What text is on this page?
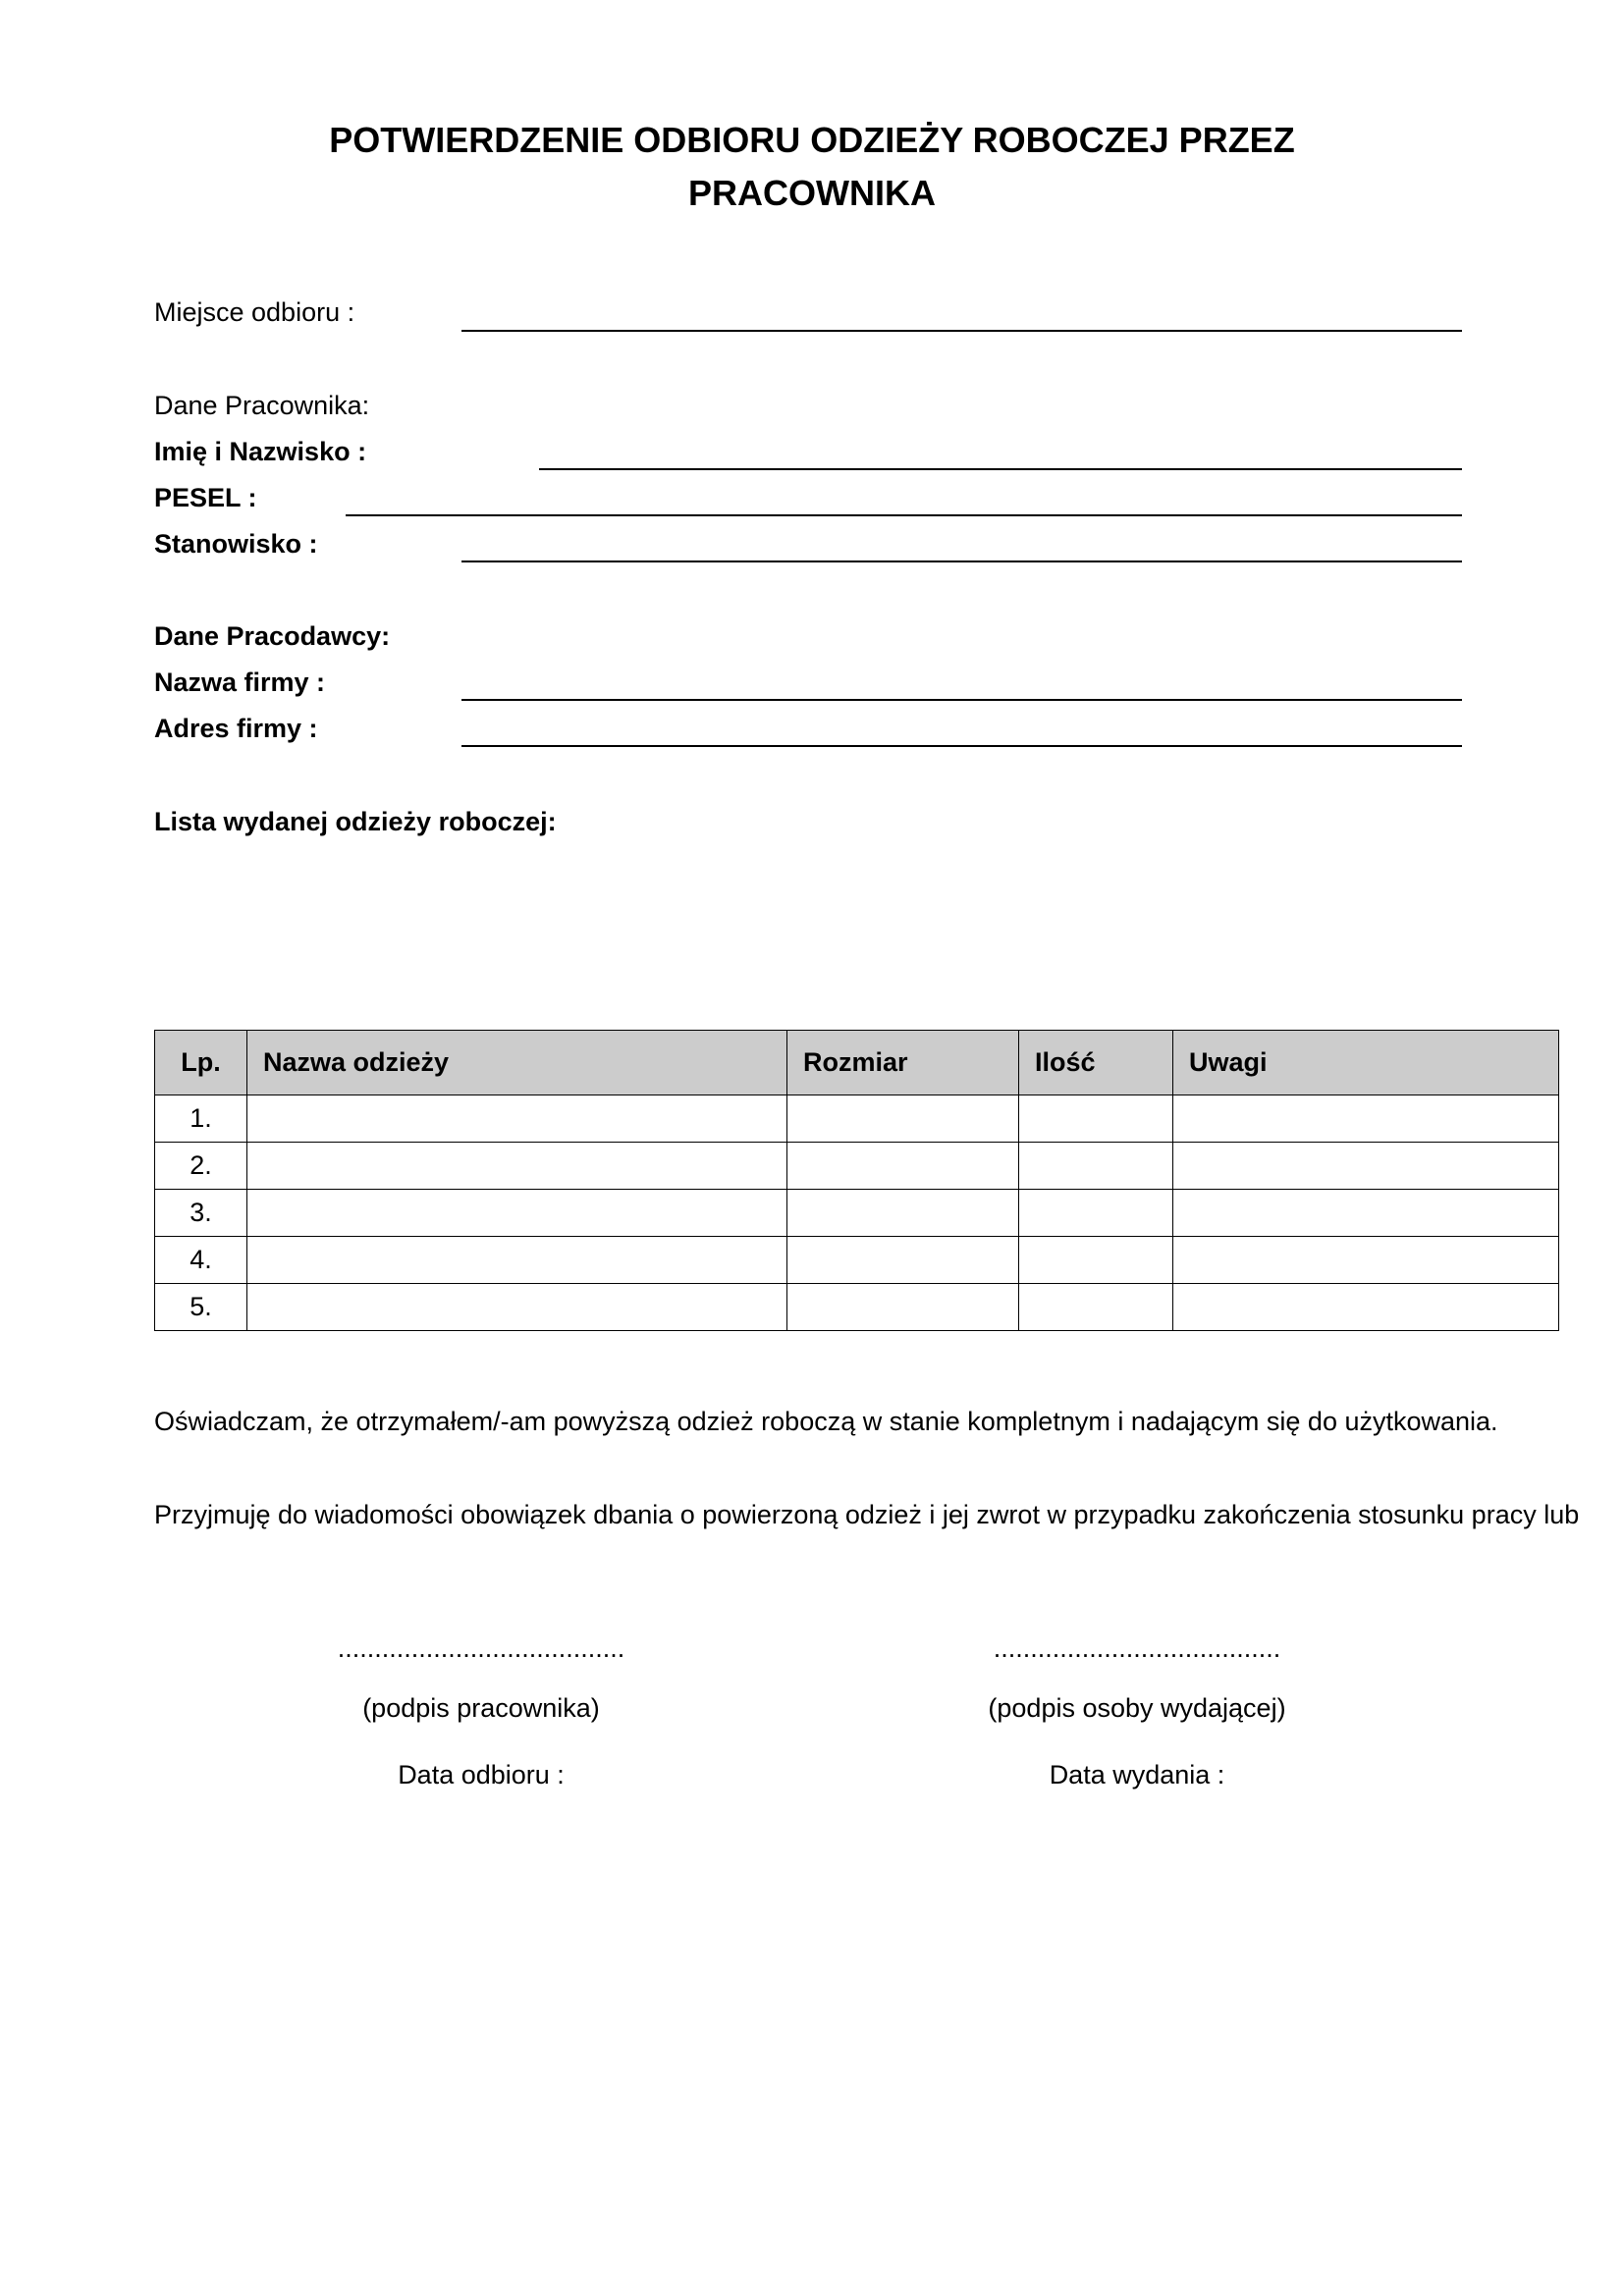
POTWIERDZENIE ODBIORU ODZIEŻY ROBOCZEJ PRZEZ
PRACOWNIKA
Miejsce odbioru :
Dane Pracownika:
Imię i Nazwisko :
PESEL :
Stanowisko :
Dane Pracodawcy:
Nazwa firmy :
Adres firmy :
Lista wydanej odzieży roboczej:
Lp.	Nazwa odzieży	Rozmiar	Ilość	Uwagi
1.				
2.				
3.				
4.				
5.				
Oświadczam, że otrzymałem/-am powyższą odzież roboczą w stanie kompletnym i nadającym się do użytkowania.
Przyjmuję do wiadomości obowiązek dbania o powierzoną odzież i jej zwrot w przypadku zakończenia stosunku pracy lub
.......................................
(podpis pracownika)
Data odbioru :
.......................................
(podpis osoby wydającej)
Data wydania :
